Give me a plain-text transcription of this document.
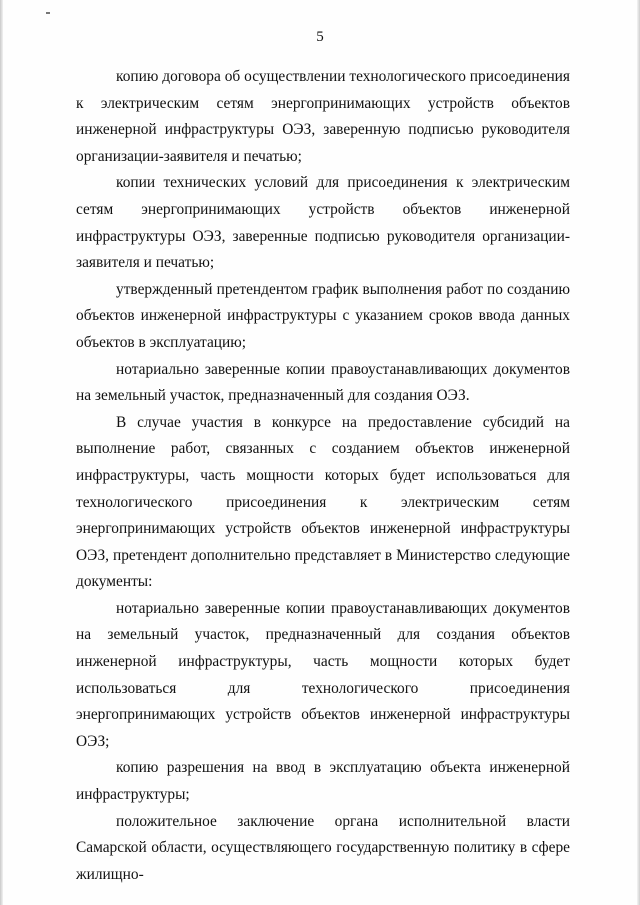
5

копию договора об осуществлении технологического присоединения к электрическим сетям энергопринимающих устройств объектов инженерной инфраструктуры ОЭЗ, заверенную подписью руководителя организации-заявителя и печатью;

копии технических условий для присоединения к электрическим сетям энергопринимающих устройств объектов инженерной инфраструктуры ОЭЗ, заверенные подписью руководителя организации-заявителя и печатью;

утвержденный претендентом график выполнения работ по созданию объектов инженерной инфраструктуры с указанием сроков ввода данных объектов в эксплуатацию;

нотариально заверенные копии правоустанавливающих документов на земельный участок, предназначенный для создания ОЭЗ.

В случае участия в конкурсе на предоставление субсидий на выполнение работ, связанных с созданием объектов инженерной инфраструктуры, часть мощности которых будет использоваться для технологического присоединения к электрическим сетям энергопринимающих устройств объектов инженерной инфраструктуры ОЭЗ, претендент дополнительно представляет в Министерство следующие документы:

нотариально заверенные копии правоустанавливающих документов на земельный участок, предназначенный для создания объектов инженерной инфраструктуры, часть мощности которых будет использоваться для технологического присоединения энергопринимающих устройств объектов инженерной инфраструктуры ОЭЗ;

копию разрешения на ввод в эксплуатацию объекта инженерной инфраструктуры;

положительное заключение органа исполнительной власти Самарской области, осуществляющего государственную политику в сфере жилищно-
